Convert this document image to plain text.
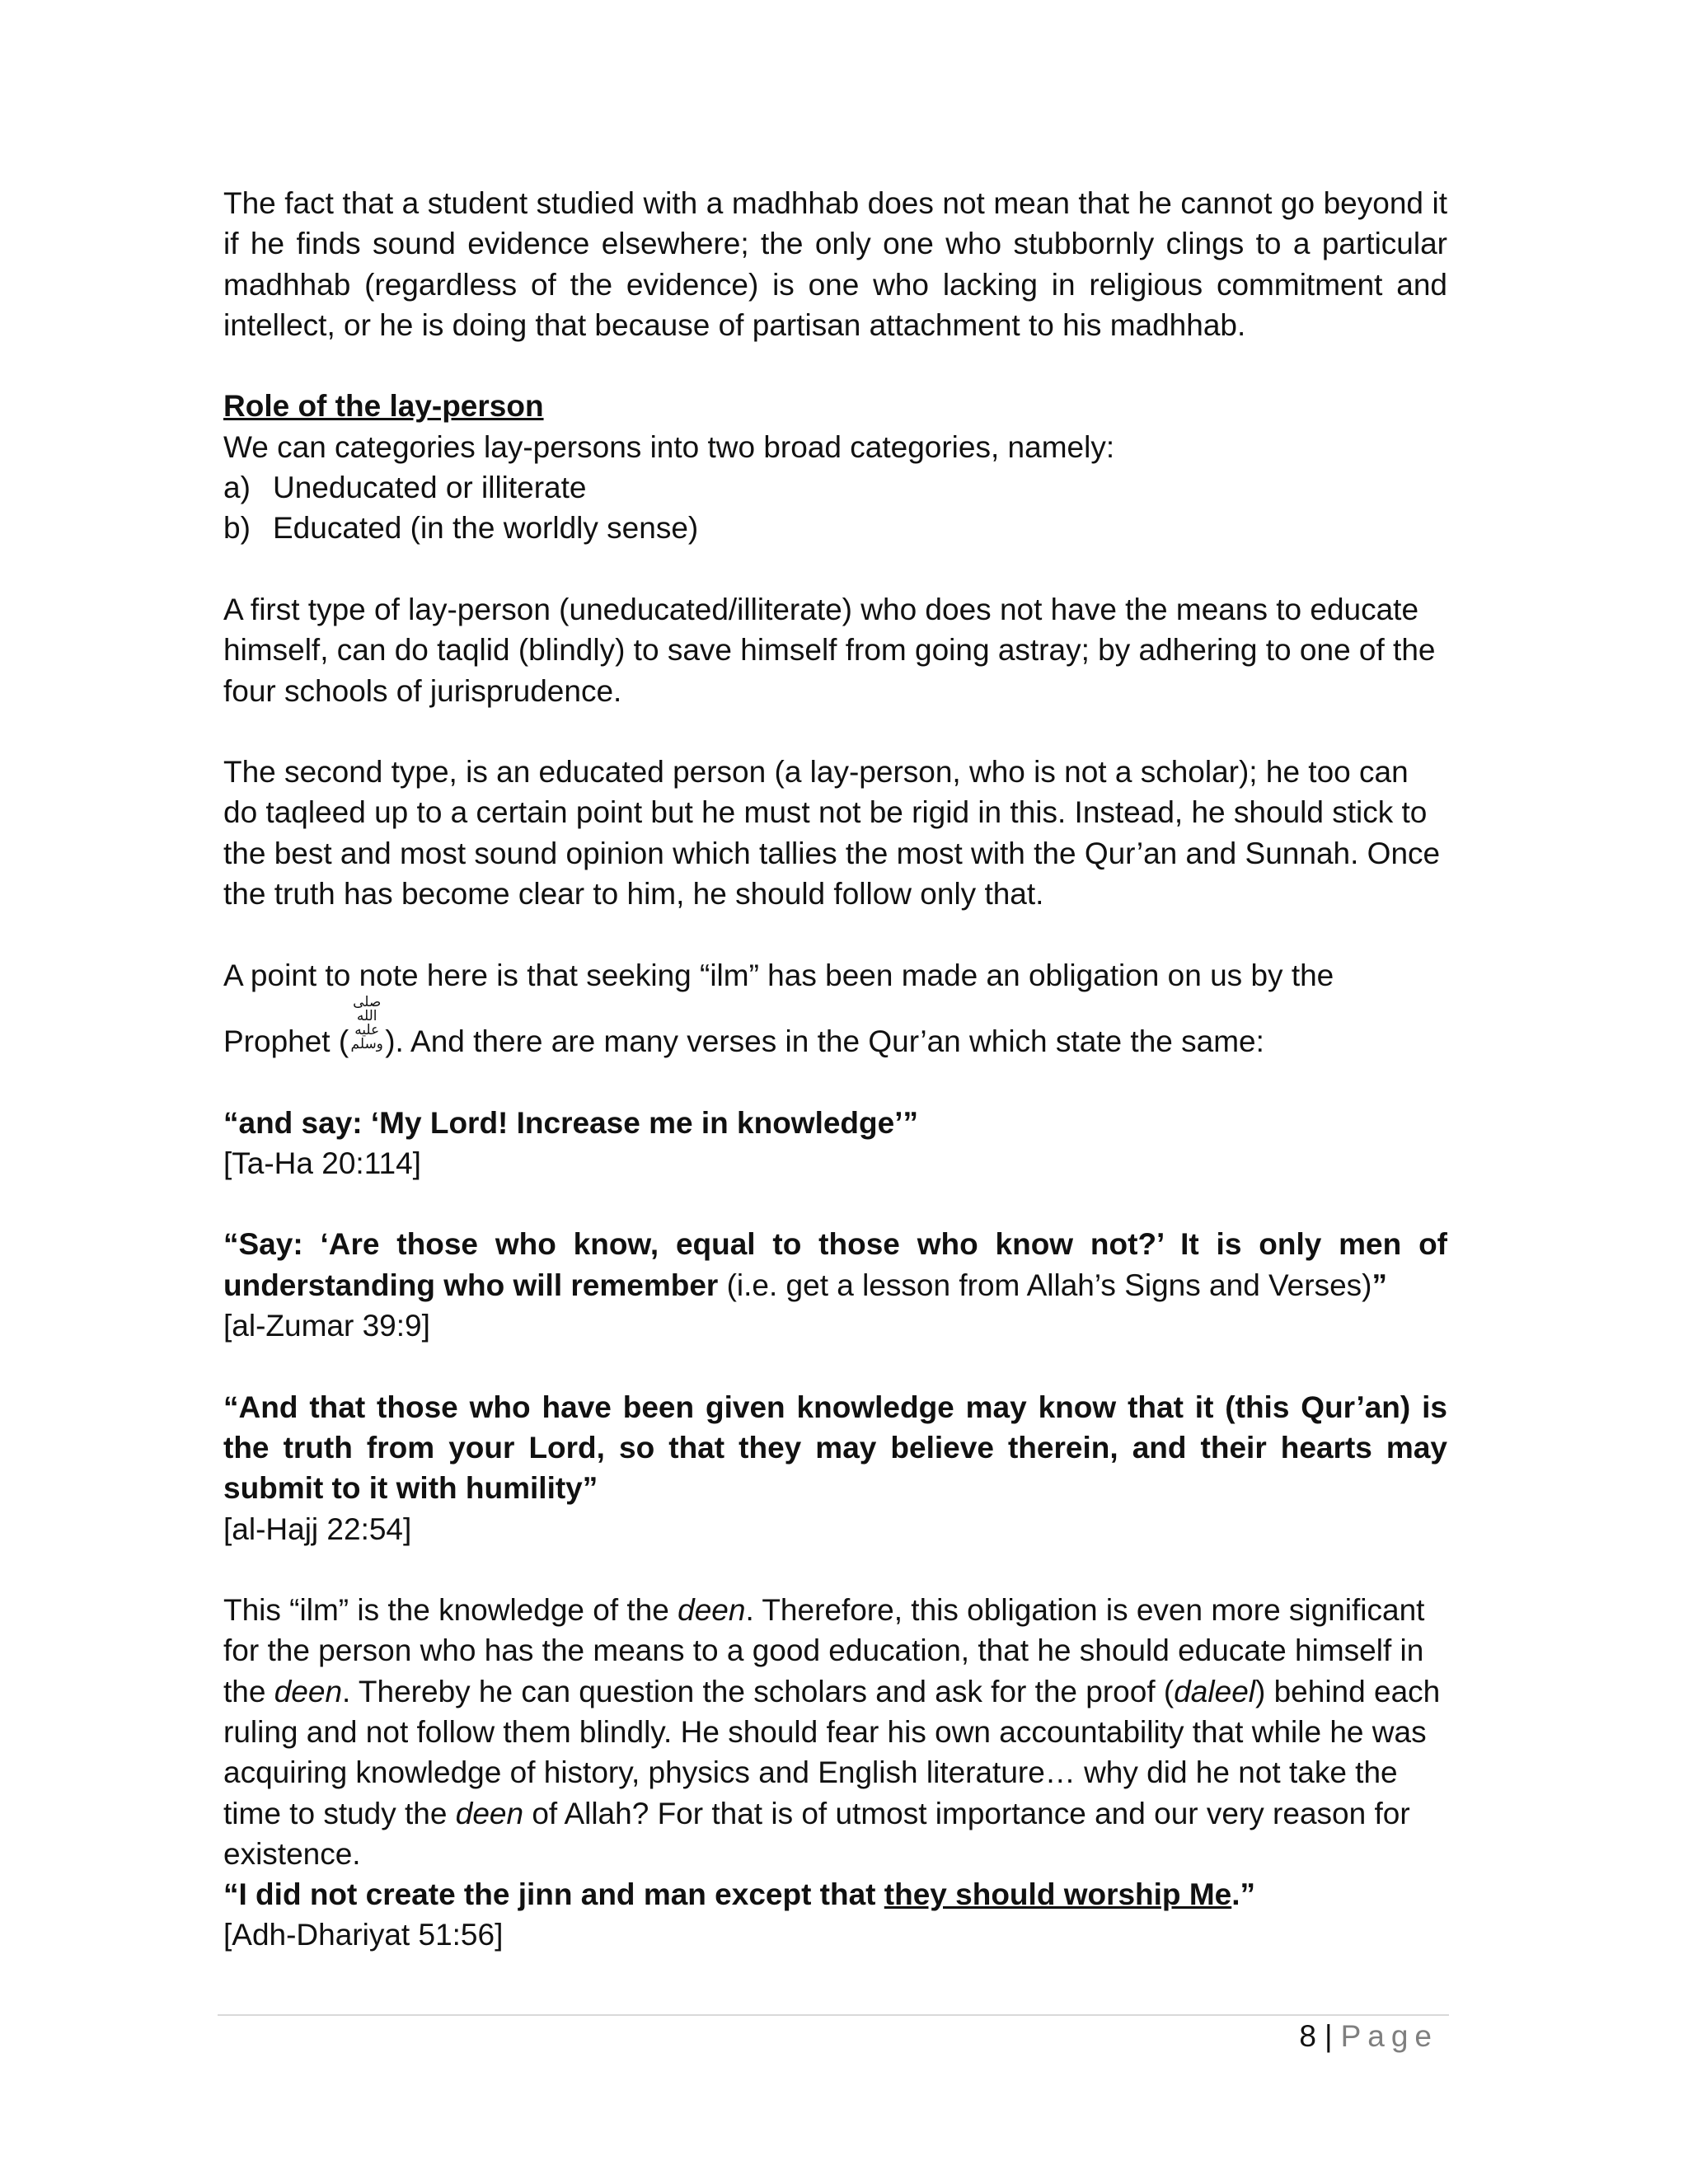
The fact that a student studied with a madhhab does not mean that he cannot go beyond it if he finds sound evidence elsewhere; the only one who stubbornly clings to a particular madhhab (regardless of the evidence) is one who lacking in religious commitment and intellect, or he is doing that because of partisan attachment to his madhhab.

Role of the lay-person

We can categories lay-persons into two broad categories, namely:

a) Uneducated or illiterate
b) Educated (in the worldly sense)

A first type of lay-person (uneducated/illiterate) who does not have the means to educate himself, can do taqlid (blindly) to save himself from going astray; by adhering to one of the four schools of jurisprudence.

The second type, is an educated person (a lay-person, who is not a scholar); he too can do taqleed up to a certain point but he must not be rigid in this. Instead, he should stick to the best and most sound opinion which tallies the most with the Qur’an and Sunnah. Once the truth has become clear to him, he should follow only that.

A point to note here is that seeking “ilm” has been made an obligation on us by the Prophet (صلى الله عليه وسلم). And there are many verses in the Qur’an which state the same:

“and say: ‘My Lord! Increase me in knowledge’”

[Ta-Ha 20:114]

“Say: ‘Are those who know, equal to those who know not?’ It is only men of understanding who will remember (i.e. get a lesson from Allah’s Signs and Verses)”

[al-Zumar 39:9]

“And that those who have been given knowledge may know that it (this Qur’an) is the truth from your Lord, so that they may believe therein, and their hearts may submit to it with humility”

[al-Hajj 22:54]

This “ilm” is the knowledge of the deen. Therefore, this obligation is even more significant for the person who has the means to a good education, that he should educate himself in the deen. Thereby he can question the scholars and ask for the proof (daleel) behind each ruling and not follow them blindly. He should fear his own accountability that while he was acquiring knowledge of history, physics and English literature… why did he not take the time to study the deen of Allah? For that is of utmost importance and our very reason for existence.

“I did not create the jinn and man except that they should worship Me.”

[Adh-Dhariyat 51:56]

8 | Page
